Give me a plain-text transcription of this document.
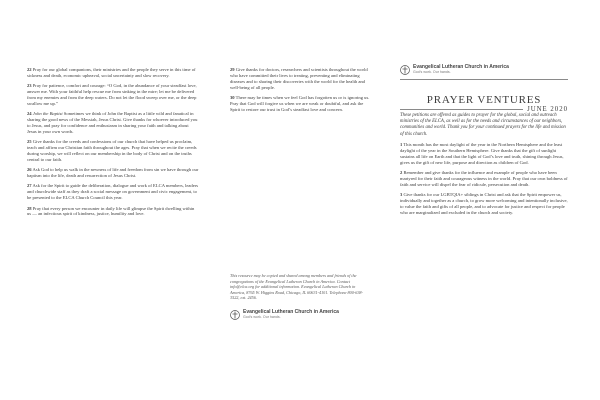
22 Pray for our global companions, their ministries and the people they serve in this time of sickness and death, economic upheaval, social uncertainty and slow recovery.

23 Pray for patience, comfort and courage: “O God, in the abundance of your steadfast love, answer me. With your faithful help rescue me from sinking in the mire; let me be delivered from my enemies and from the deep waters. Do not let the flood sweep over me, or the deep swallow me up.”

24 John the Baptist Sometimes we think of John the Baptist as a little wild and fanatical in sharing the good news of the Messiah, Jesus Christ. Give thanks for whoever introduced you to Jesus, and pray for confidence and enthusiasm in sharing your faith and talking about Jesus in your own words.

25 Give thanks for the creeds and confessions of our church that have helped us proclaim, teach and affirm our Christian faith throughout the ages. Pray that when we recite the creeds during worship, we will reflect on our membership in the body of Christ and on the truths central to our faith.

26 Ask God to help us walk in the newness of life and freedom from sin we have through our baptism into the life, death and resurrection of Jesus Christ.

27 Ask for the Spirit to guide the deliberation, dialogue and work of ELCA members, leaders and churchwide staff as they draft a social message on government and civic engagement, to be presented to the ELCA Church Council this year.

28 Pray that every person we encounter in daily life will glimpse the Spirit dwelling within us — an infectious spirit of kindness, justice, humility and love.

29 Give thanks for doctors, researchers and scientists throughout the world who have committed their lives to treating, preventing and eliminating diseases and to sharing their discoveries with the world for the health and well-being of all people.

30 There may be times when we feel God has forgotten us or is ignoring us. Pray that God will forgive us when we are weak or doubtful, and ask the Spirit to restore our trust in God’s steadfast love and concern.

This resource may be copied and shared among members and friends of the congregations of the Evangelical Lutheran Church in America. Contact info@elca.org for additional information. Evangelical Lutheran Church in America, 8765 W. Higgins Road, Chicago, IL 60631-4101. Telephone 800-638-3522, ext. 2456.
Evangelical Lutheran Church in America
God’s work. Our hands.
Evangelical Lutheran Church in America
God’s work. Our hands.
PRAYER VENTURES
JUNE 2020

These petitions are offered as guides to prayer for the global, social and outreach ministries of the ELCA, as well as for the needs and circumstances of our neighbors, communities and world. Thank you for your continued prayers for the life and mission of this church.

1 This month has the most daylight of the year in the Northern Hemisphere and the least daylight of the year in the Southern Hemisphere. Give thanks that the gift of sunlight sustains all life on Earth and that the light of God’s love and truth, shining through Jesus, gives us the gift of new life, purpose and direction as children of God.

2 Remember and give thanks for the influence and example of people who have been martyred for their faith and courageous witness in the world. Pray that our own boldness of faith and service will dispel the fear of ridicule, persecution and death.

3 Give thanks for our LGBTQIA+ siblings in Christ and ask that the Spirit empower us, individually and together as a church, to grow more welcoming and intentionally inclusive, to value the faith and gifts of all people, and to advocate for justice and respect for people who are marginalized and excluded in the church and society.
